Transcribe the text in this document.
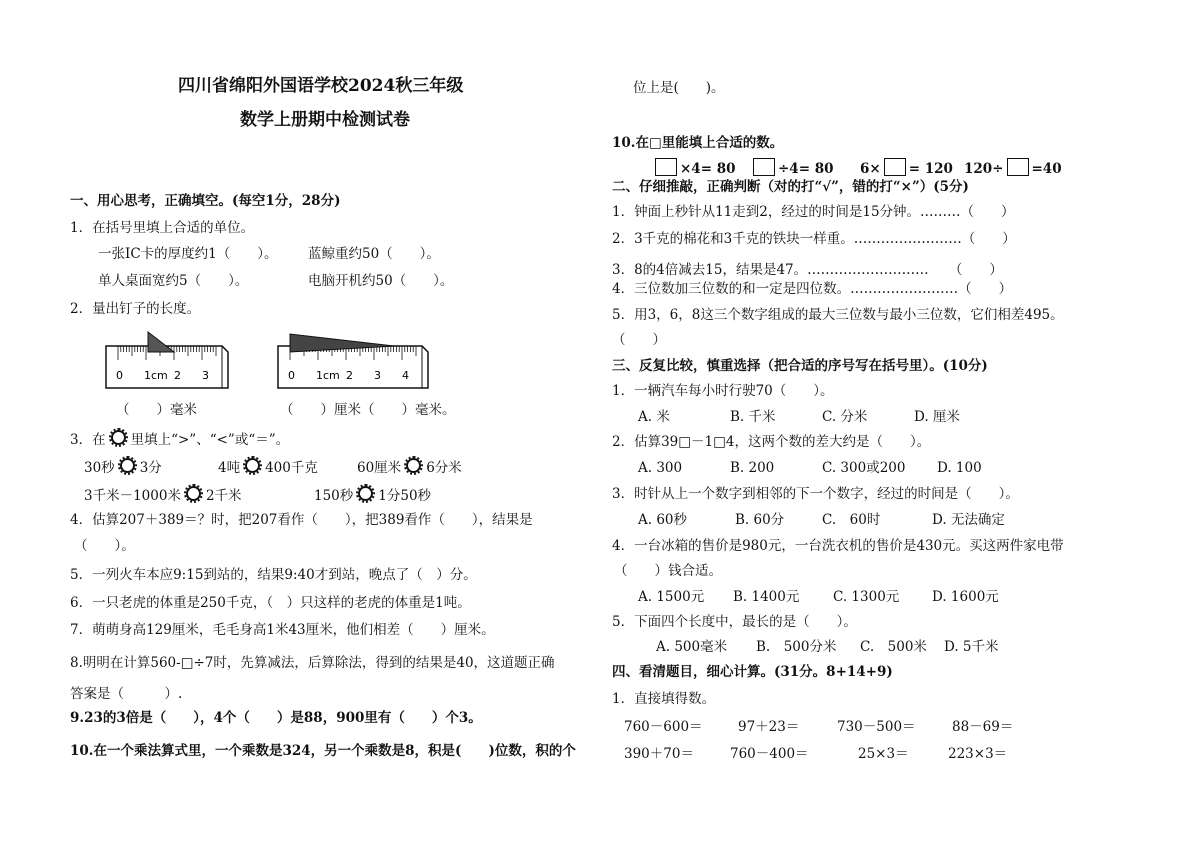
四川省绵阳外国语学校2024秋三年级
数学上册期中检测试卷
一、用心思考，正确填空。(每空1分，28分)
1．在括号里填上合适的单位。
一张IC卡的厚度约1（　　）。 蓝鲸重约50（　　）。
单人桌面宽约5（　　）。	电脑开机约50（　　）。
2．量出钉子的长度。
0 1cm 2 3	0 1cm 2 3 4
（　　）毫米	（　　）厘米（　　）毫米。
3．在 里填上“>”、“<”或“＝”。
30秒 3分	4吨 400千克	60厘米 6分米
3千米－1000米 2千米	150秒 1分50秒
4．估算207＋389＝？时，把207看作（　　），把389看作（　　），结果是
（　　）。
5．一列火车本应9:15到站的，结果9:40才到站，晚点了（　）分。
6．一只老虎的体重是250千克，（　）只这样的老虎的体重是1吨。
7．萌萌身高129厘米，毛毛身高1米43厘米，他们相差（　　）厘米。
8.明明在计算560-□÷7时，先算减法，后算除法，得到的结果是40，这道题正确
答案是（　　　）.
9.23的3倍是（　　），4个（　　）是88，900里有（　　）个3。
10.在一个乘法算式里，一个乘数是324，另一个乘数是8，积是(　　)位数，积的个
位上是(　　)。
10.在□里能填上合适的数。
×4= 80	÷4= 80 6× = 120 120÷ =40
二、仔细推敲，正确判断（对的打“√”，错的打“×”）(5分)
1．钟面上秒针从11走到2，经过的时间是15分钟。………（　　）
2．3千克的棉花和3千克的铁块一样重。……………………（　　）
3．8的4倍减去15，结果是47。………………………　　（　　）
4．三位数加三位数的和一定是四位数。……………………（　　）
5．用3，6，8这三个数字组成的最大三位数与最小三位数，它们相差495。
（　　）
三、反复比较，慎重选择（把合适的序号写在括号里）。(10分)
1．一辆汽车每小时行驶70（　　）。
A. 米	B. 千米	C. 分米	D. 厘米
2．估算39□－1□4，这两个数的差大约是（　　）。
A. 300	B. 200	C. 300或200 D. 100
3．时针从上一个数字到相邻的下一个数字，经过的时间是（　　）。
A. 60秒	B. 60分	C.　60时	D. 无法确定
4．一台冰箱的售价是980元，一台洗衣机的售价是430元。买这两件家电带
（　　）钱合适。
A. 1500元 B. 1400元 C. 1300元 D. 1600元
5．下面四个长度中，最长的是（　　）。
A. 500毫米 B.　500分米 C.　500米 D. 5千米
四、看清题目，细心计算。(31分。8+14+9)
1．直接填得数。
760－600＝	97＋23＝	730－500＝	88－69＝
390＋70＝	760－400＝	25×3＝	223×3＝
